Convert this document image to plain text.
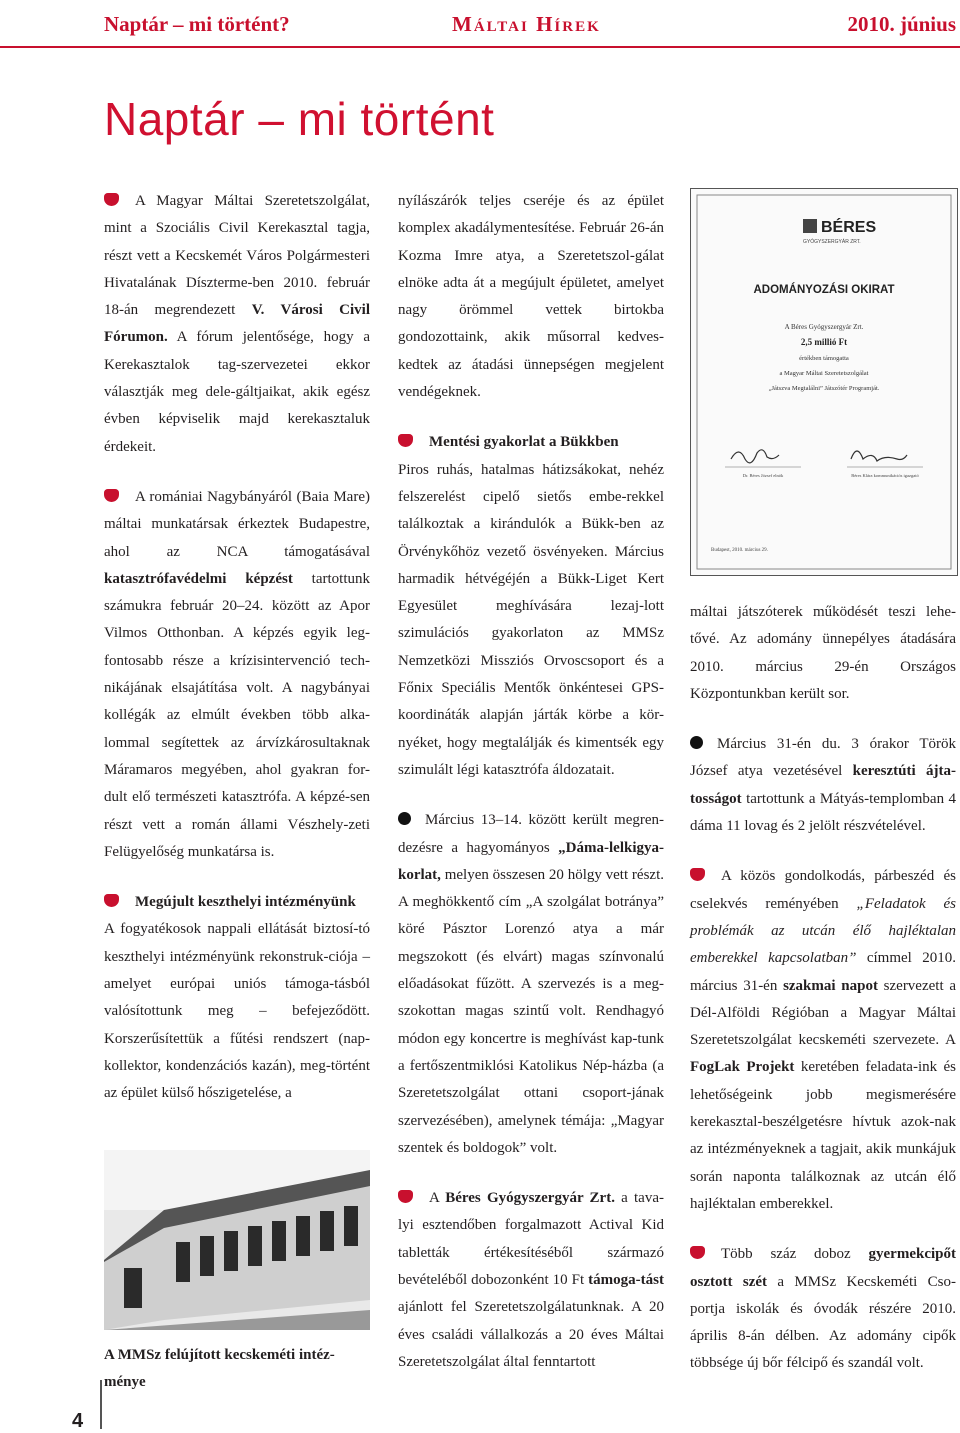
Naptár – mi történt?	Máltai Hírek	2010. június
Naptár – mi történt

A Magyar Máltai Szeretetszolgálat, mint a Szociális Civil Kerekasztal tagja, részt vett a Kecskemét Város Polgármesteri Hivatalának Díszterme-ben 2010. február 18-án megrendezett V. Városi Civil Fórumon. A fórum jelentősége, hogy a Kerekasztalok tag-szervezetei ekkor választják meg dele-gáltjaikat, akik egész évben képviselik majd kerekasztaluk érdekeit.

A romániai Nagybányáról (Baia Mare) máltai munkatársak érkeztek Budapestre, ahol az NCA támogatásával katasztrófavédelmi képzést tartottunk számukra február 20–24. között az Apor Vilmos Otthonban. A képzés egyik leg-fontosabb része a krízisintervenció tech-nikájának elsajátítása volt. A nagybányai kollégák az elmúlt években több alka-lommal segítettek az árvízkárosultaknak Máramaros megyében, ahol gyakran for-dult elő természeti katasztrófa. A képzé-sen részt vett a román állami Vészhely-zeti Felügyelőség munkatársa is.

Megújult keszthelyi intézményünk
A fogyatékosok nappali ellátását biztosí-tó keszthelyi intézményünk rekonstruk-ciója – amelyet európai uniós támoga-tásból valósítottunk meg – befejeződött. Korszerűsítettük a fűtési rendszert (nap-kollektor, kondenzációs kazán), meg-történt az épület külső hőszigetelése, a

A MMSz felújított kecskeméti intéz-ménye

nyílászárók teljes cseréje és az épület komplex akadálymentesítése. Február 26-án Kozma Imre atya, a Szeretetszol-gálat elnöke adta át a megújult épületet, amelyet nagy örömmel vettek birtokba gondozottaink, akik műsorral kedves-kedtek az átadási ünnepségen megjelent vendégeknek.

Mentési gyakorlat a Bükkben
Piros ruhás, hatalmas hátizsákokat, nehéz felszerelést cipelő sietős embe-rekkel találkoztak a kirándulók a Bükk-ben az Örvénykőhöz vezető ösvényeken. Március harmadik hétvégéjén a Bükk-Liget Kert Egyesület meghívására lezaj-lott szimulációs gyakorlaton az MMSz Nemzetközi Missziós Orvoscsoport és a Főnix Speciális Mentők önkéntesei GPS-koordináták alapján járták körbe a kör-nyéket, hogy megtalálják és kimentsék egy szimulált légi katasztrófa áldozatait.

Március 13–14. között került megren-dezésre a hagyományos „Dáma-lelkigya-korlat, melyen összesen 20 hölgy vett részt. A meghökkentő cím „A szolgálat botránya” köré Pásztor Lorenzó atya a már megszokott (és elvárt) magas színvonalú előadásokat fűzött. A szervezés is a meg-szokottan magas szintű volt. Rendhagyó módon egy koncertre is meghívást kap-tunk a fertőszentmiklósi Katolikus Nép-házba (a Szeretetszolgálat ottani csoport-jának szervezésében), amelynek témája: „Magyar szentek és boldogok” volt.

A Béres Gyógyszergyár Zrt. a tava-lyi esztendőben forgalmazott Actival Kid tabletták értékesítéséből származó bevételéből dobozonként 10 Ft támoga-tást ajánlott fel Szeretetszolgálatunknak. A 20 éves családi vállalkozás a 20 éves Máltai Szeretetszolgálat által fenntartott

BÉRES
GYÓGYSZERGYÁR ZRT.
ADOMÁNYOZÁSI OKIRAT
A Béres Gyógyszergyár Zrt.
2,5 millió Ft
értékben támogatta
a Magyar Máltai Szeretetszolgálat
„Játszva Megtalálni” Játszótér Programját.
Dr. Béres József elnök	Béres Klára kommunikációs igazgató
Budapest, 2010. március 29.

máltai játszóterek működését teszi lehe-tővé. Az adomány ünnepélyes átadására 2010. március 29-én Országos Központunkban került sor.

Március 31-én du. 3 órakor Török József atya vezetésével keresztúti ájta-tosságot tartottunk a Mátyás-templomban 4 dáma 11 lovag és 2 jelölt részvételével.

A közös gondolkodás, párbeszéd és cselekvés reményében „Feladatok és problémák az utcán élő hajléktalan emberekkel kapcsolatban” címmel 2010. március 31-én szakmai napot szervezett a Dél-Alföldi Régióban a Magyar Máltai Szeretetszolgálat kecskeméti szervezete. A FogLak Projekt keretében feladata-ink és lehetőségeink jobb megismerésére kerekasztal-beszélgetésre hívtuk azok-nak az intézményeknek a tagjait, akik munkájuk során naponta találkoznak az utcán élő hajléktalan emberekkel.

Több száz doboz gyermekcipőt osztott szét a MMSz Kecskeméti Cso-portja iskolák és óvodák részére 2010. április 8-án délben. Az adomány cipők többsége új bőr félcipő és szandál volt.

4
